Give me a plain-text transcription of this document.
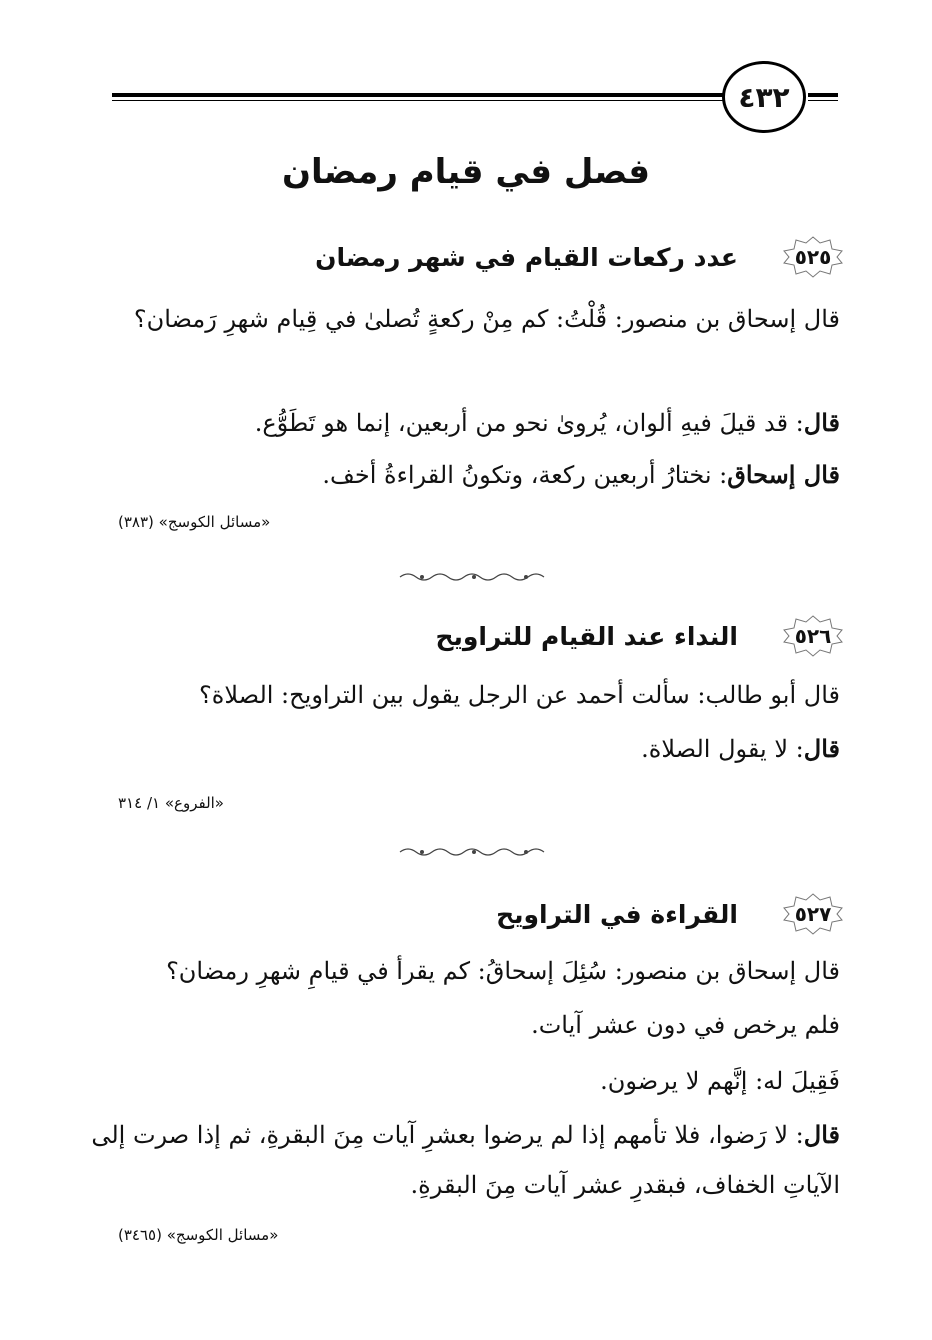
٤٣٢
فصل في قيام رمضان
٥٢٥
عدد ركعات القيام في شهر رمضان
قال إسحاق بن منصور: قُلْتُ: كم مِنْ ركعةٍ تُصلىٰ في قِيام شهرِ رَمضان؟
قال: قد قيلَ فيهِ ألوان، يُروىٰ نحو من أربعين، إنما هو تَطَوُّع.
قال إسحاق: نختارُ أربعين ركعة، وتكونُ القراءةُ أخف.
«مسائل الكوسج» (٣٨٣)
٥٢٦
النداء عند القيام للتراويح
قال أبو طالب: سألت أحمد عن الرجل يقول بين التراويح: الصلاة؟
قال: لا يقول الصلاة.
«الفروع» ١/ ٣١٤
٥٢٧
القراءة في التراويح
قال إسحاق بن منصور: سُئِلَ إسحاقُ: كم يقرأ في قيامِ شهرِ رمضان؟
فلم يرخص في دون عشر آيات.
فَقِيلَ له: إنَّهم لا يرضون.
قال: لا رَضوا، فلا تأمهم إذا لم يرضوا بعشرِ آيات مِنَ البقرةِ، ثم إذا صرت إلى الآياتِ الخفاف، فبقدرِ عشر آيات مِنَ البقرةِ.
«مسائل الكوسج» (٣٤٦٥)
